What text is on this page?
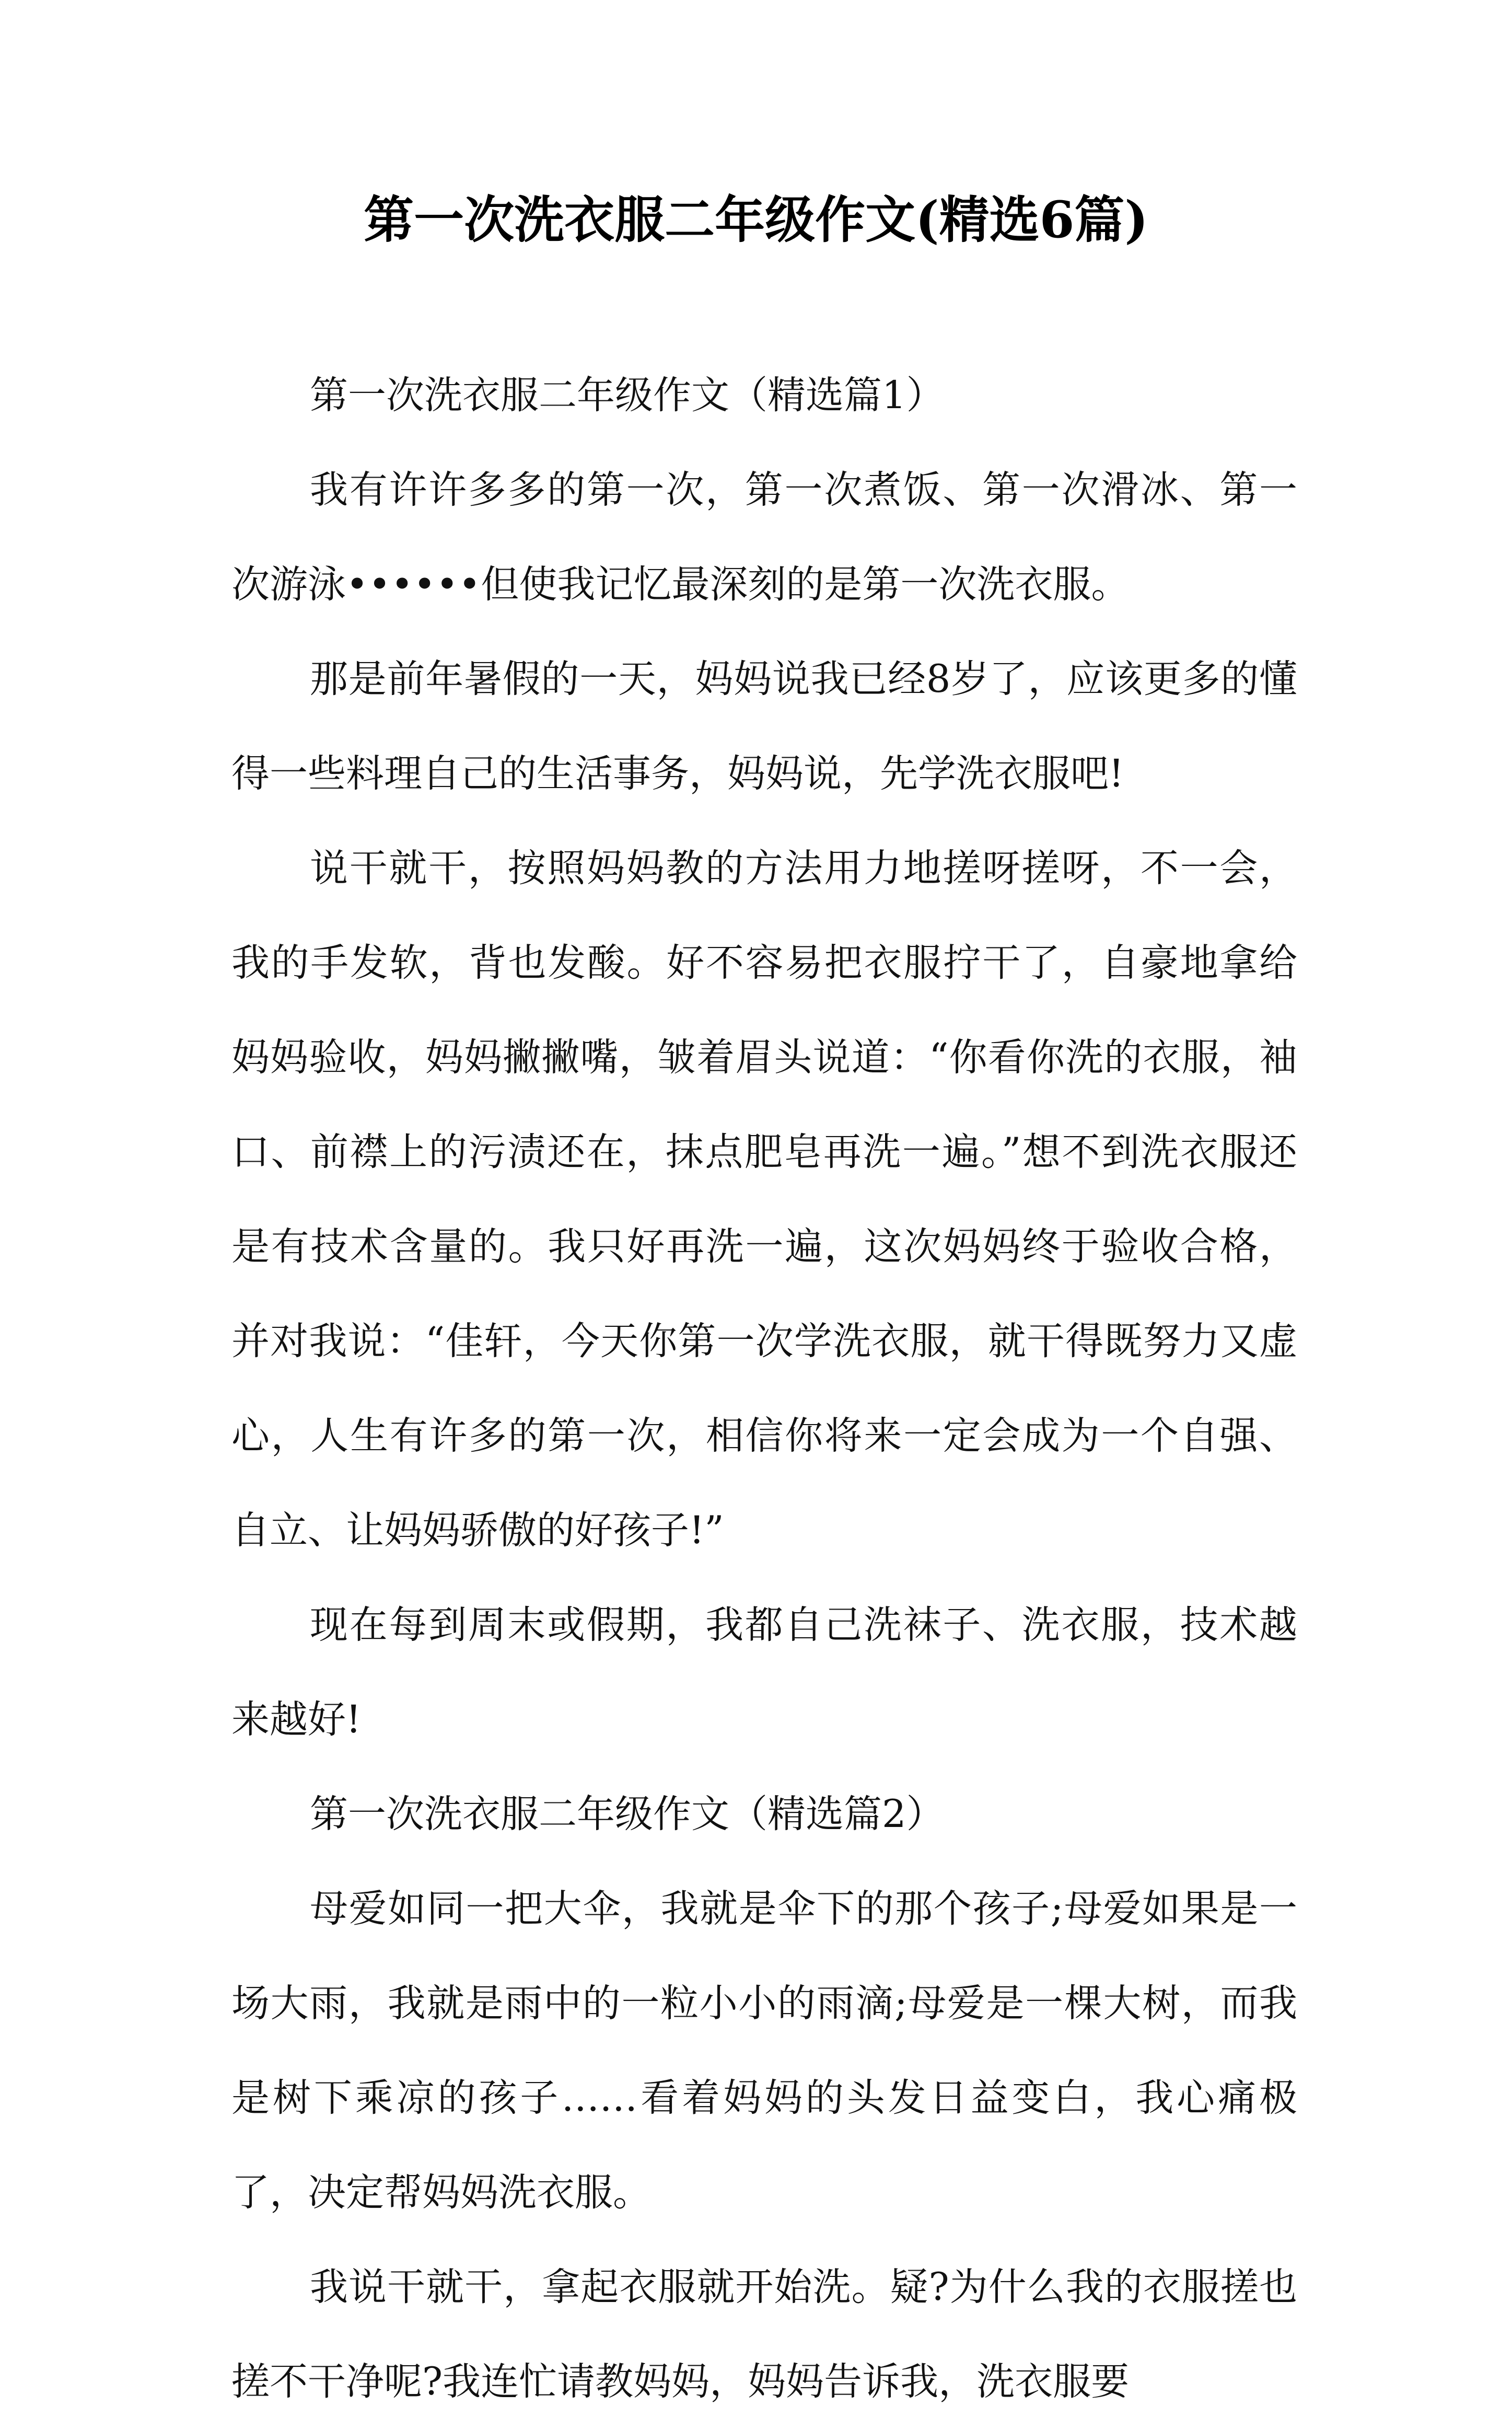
第一次洗衣服二年级作文(精选6篇)

第一次洗衣服二年级作文（精选篇1）

我有许许多多的第一次，第一次煮饭、第一次滑冰、第一次游泳••••••但使我记忆最深刻的是第一次洗衣服。

那是前年暑假的一天，妈妈说我已经8岁了，应该更多的懂得一些料理自己的生活事务，妈妈说，先学洗衣服吧!

说干就干，按照妈妈教的方法用力地搓呀搓呀，不一会，我的手发软，背也发酸。好不容易把衣服拧干了，自豪地拿给妈妈验收，妈妈撇撇嘴，皱着眉头说道：“你看你洗的衣服，袖口、前襟上的污渍还在，抹点肥皂再洗一遍。”想不到洗衣服还是有技术含量的。我只好再洗一遍，这次妈妈终于验收合格，并对我说：“佳轩，今天你第一次学洗衣服，就干得既努力又虚心，人生有许多的第一次，相信你将来一定会成为一个自强、自立、让妈妈骄傲的好孩子!”

现在每到周末或假期，我都自己洗袜子、洗衣服，技术越来越好!

第一次洗衣服二年级作文（精选篇2）

母爱如同一把大伞，我就是伞下的那个孩子;母爱如果是一场大雨，我就是雨中的一粒小小的雨滴;母爱是一棵大树，而我是树下乘凉的孩子……看着妈妈的头发日益变白，我心痛极了，决定帮妈妈洗衣服。

我说干就干，拿起衣服就开始洗。疑?为什么我的衣服搓也搓不干净呢?我连忙请教妈妈，妈妈告诉我，洗衣服要
